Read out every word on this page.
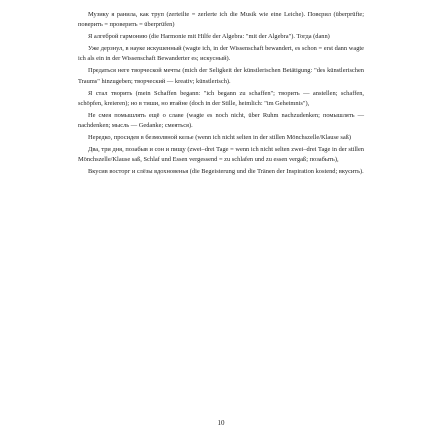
Музику я ранила, как труп (zerteilte = zerlerte ich die Musik wie eine Leiche). Повєрил (überprüfte; поверить = проверить = überprüfen)

Я алгеброй гармонию (die Harmonie mit Hilfe der Algebra: "mit der Algebra"). Тогда (dann)

Уже дерзнул, в науке искушенный (wagte ich, in der Wissenschaft bewandert, es schon = erst dann wagte ich als ein in der Wissenschaft Bewanderter es; искусный).

Предаться неге творческой мечты (mich der Seligkeit der künstlerischen Betätigung: "des künstlerischen Traums" hinzugeben; творческий — kreativ; künstlerisch).

Я стал творить (mein Schaffen begann: "ich begann zu schaffen"; творить — anstellen; schaffen, schöpfen, kreieren); но в тиши, но втайне (doch in der Stille, heimlich: "im Geheimnis"),

Не смея помышлять ещё о славе (wagte es noch nicht, über Ruhm nachzudenken; помышлять — nachdenken; мысль — Gedanke; смеяться).

Нередко, просидев в безмолвной келье (wenn ich nicht selten in der stillen Mönchszelle/Klause saß)

Два, три дня, позабыв и сон и пищу (zwei–drei Tage = wenn ich nicht selten zwei–drei Tage in der stillen Mönchszelle/Klause saß, Schlaf und Essen vergessend = zu schlafen und zu essen vergaß; позабыть),

Вкусив восторг и слёзы вдохновенья (die Begeisterung und die Tränen der Inspiration kostend; вкусить).

10
